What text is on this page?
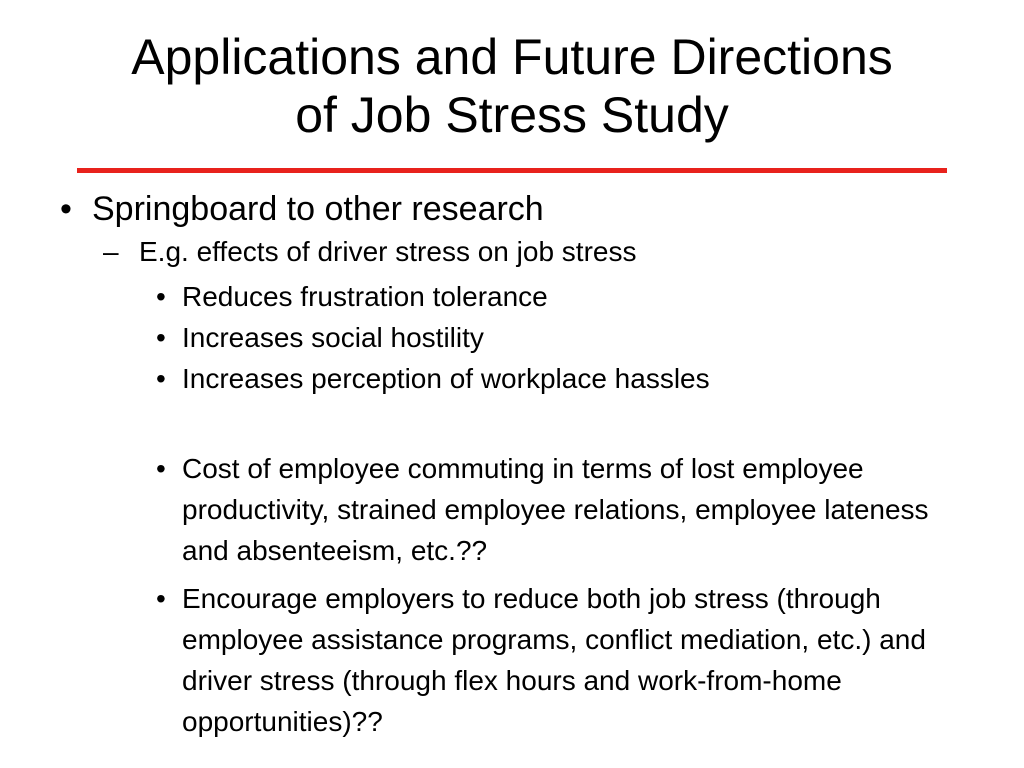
Applications and Future Directions
of Job Stress Study
• Springboard to other research
– E.g. effects of driver stress on job stress
• Reduces frustration tolerance
• Increases social hostility
• Increases perception of workplace hassles
• Cost of employee commuting in terms of lost employee productivity, strained employee relations, employee lateness and absenteeism, etc.??
• Encourage employers to reduce both job stress (through employee assistance programs, conflict mediation, etc.) and driver stress (through flex hours and work-from-home opportunities)??
